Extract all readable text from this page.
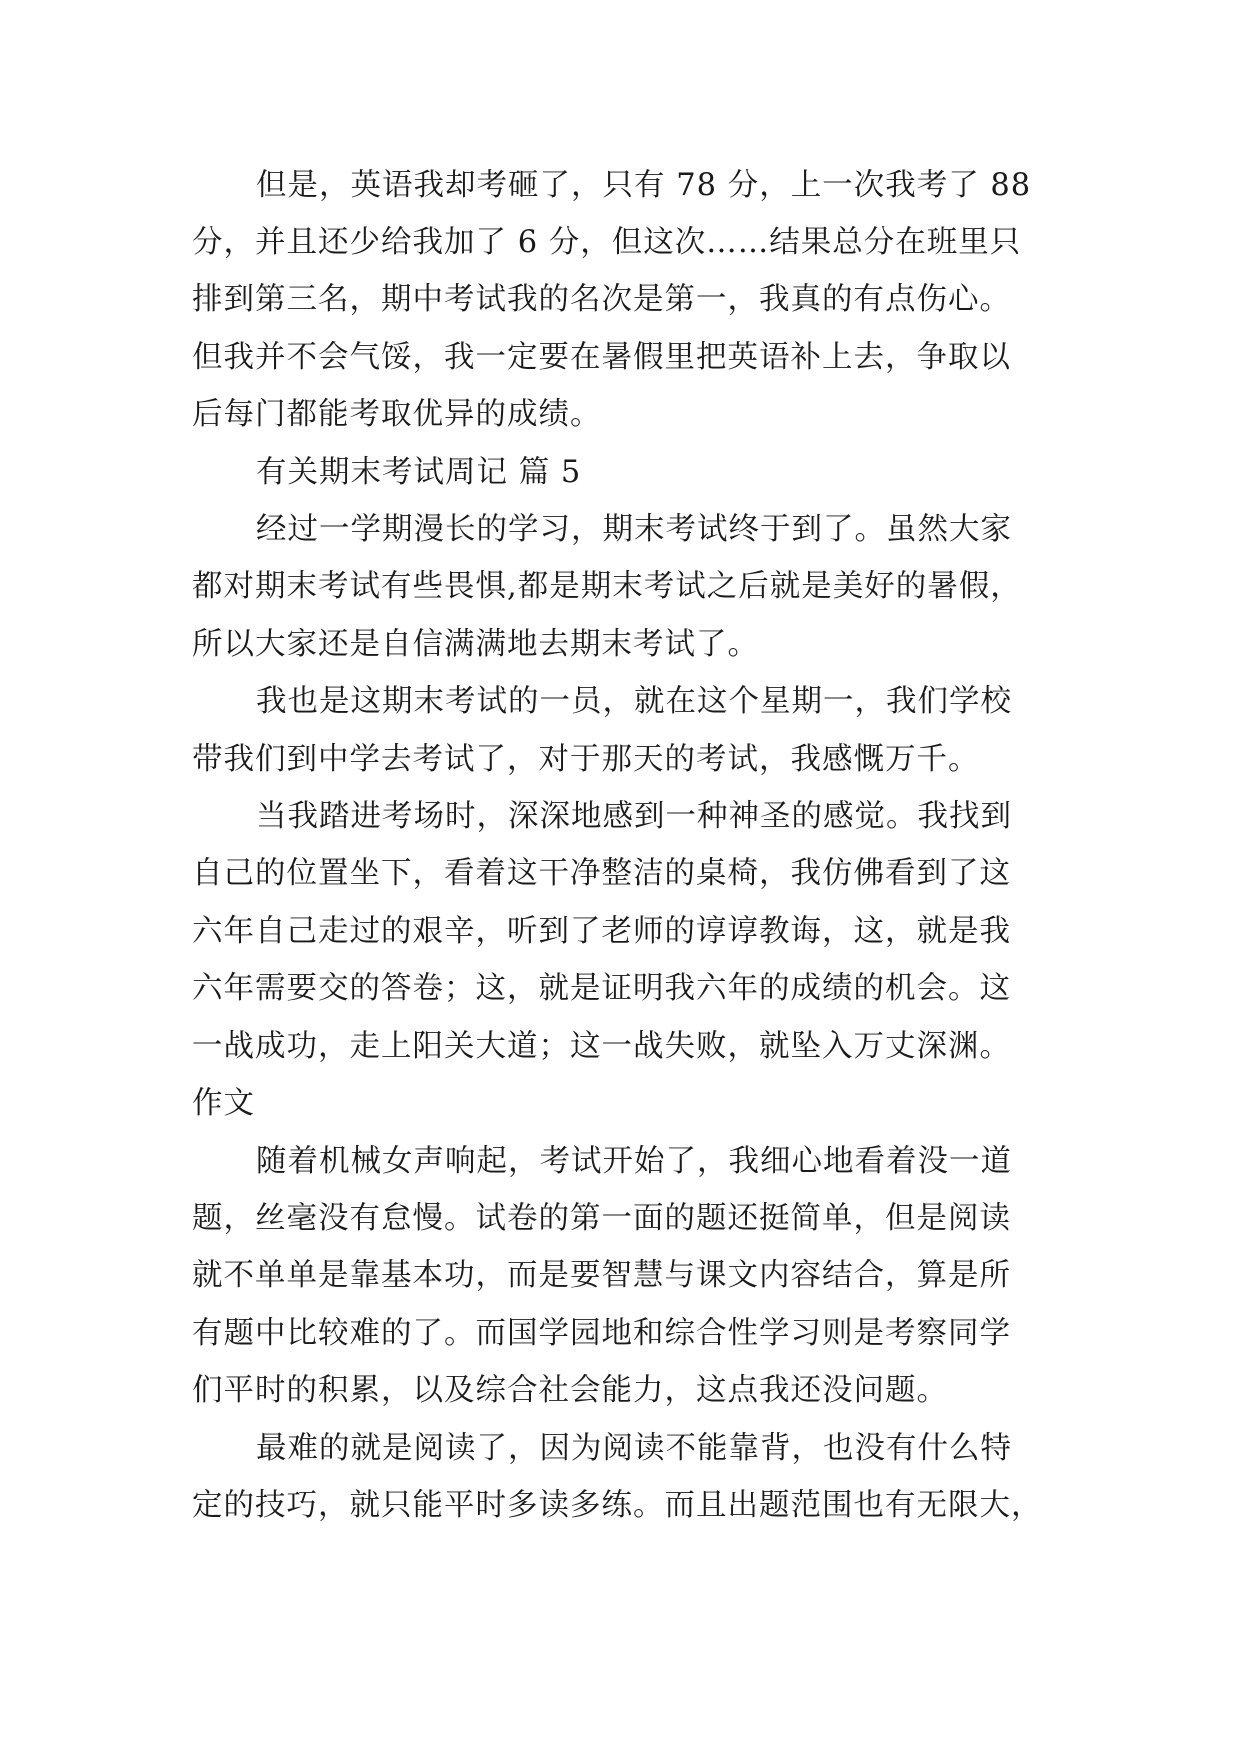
但是，英语我却考砸了，只有 78 分，上一次我考了 88
分，并且还少给我加了 6 分，但这次……结果总分在班里只
排到第三名，期中考试我的名次是第一，我真的有点伤心。
但我并不会气馁，我一定要在暑假里把英语补上去，争取以
后每门都能考取优异的成绩。
有关期末考试周记 篇 5
经过一学期漫长的学习，期末考试终于到了。虽然大家
都对期末考试有些畏惧,都是期末考试之后就是美好的暑假，
所以大家还是自信满满地去期末考试了。
我也是这期末考试的一员，就在这个星期一，我们学校
带我们到中学去考试了，对于那天的考试，我感慨万千。
当我踏进考场时，深深地感到一种神圣的感觉。我找到
自己的位置坐下，看着这干净整洁的桌椅，我仿佛看到了这
六年自己走过的艰辛，听到了老师的谆谆教诲，这，就是我
六年需要交的答卷；这，就是证明我六年的成绩的机会。这
一战成功，走上阳关大道；这一战失败，就坠入万丈深渊。
作文
随着机械女声响起，考试开始了，我细心地看着没一道
题，丝毫没有怠慢。试卷的第一面的题还挺简单，但是阅读
就不单单是靠基本功，而是要智慧与课文内容结合，算是所
有题中比较难的了。而国学园地和综合性学习则是考察同学
们平时的积累，以及综合社会能力，这点我还没问题。
最难的就是阅读了，因为阅读不能靠背，也没有什么特
定的技巧，就只能平时多读多练。而且出题范围也有无限大，
